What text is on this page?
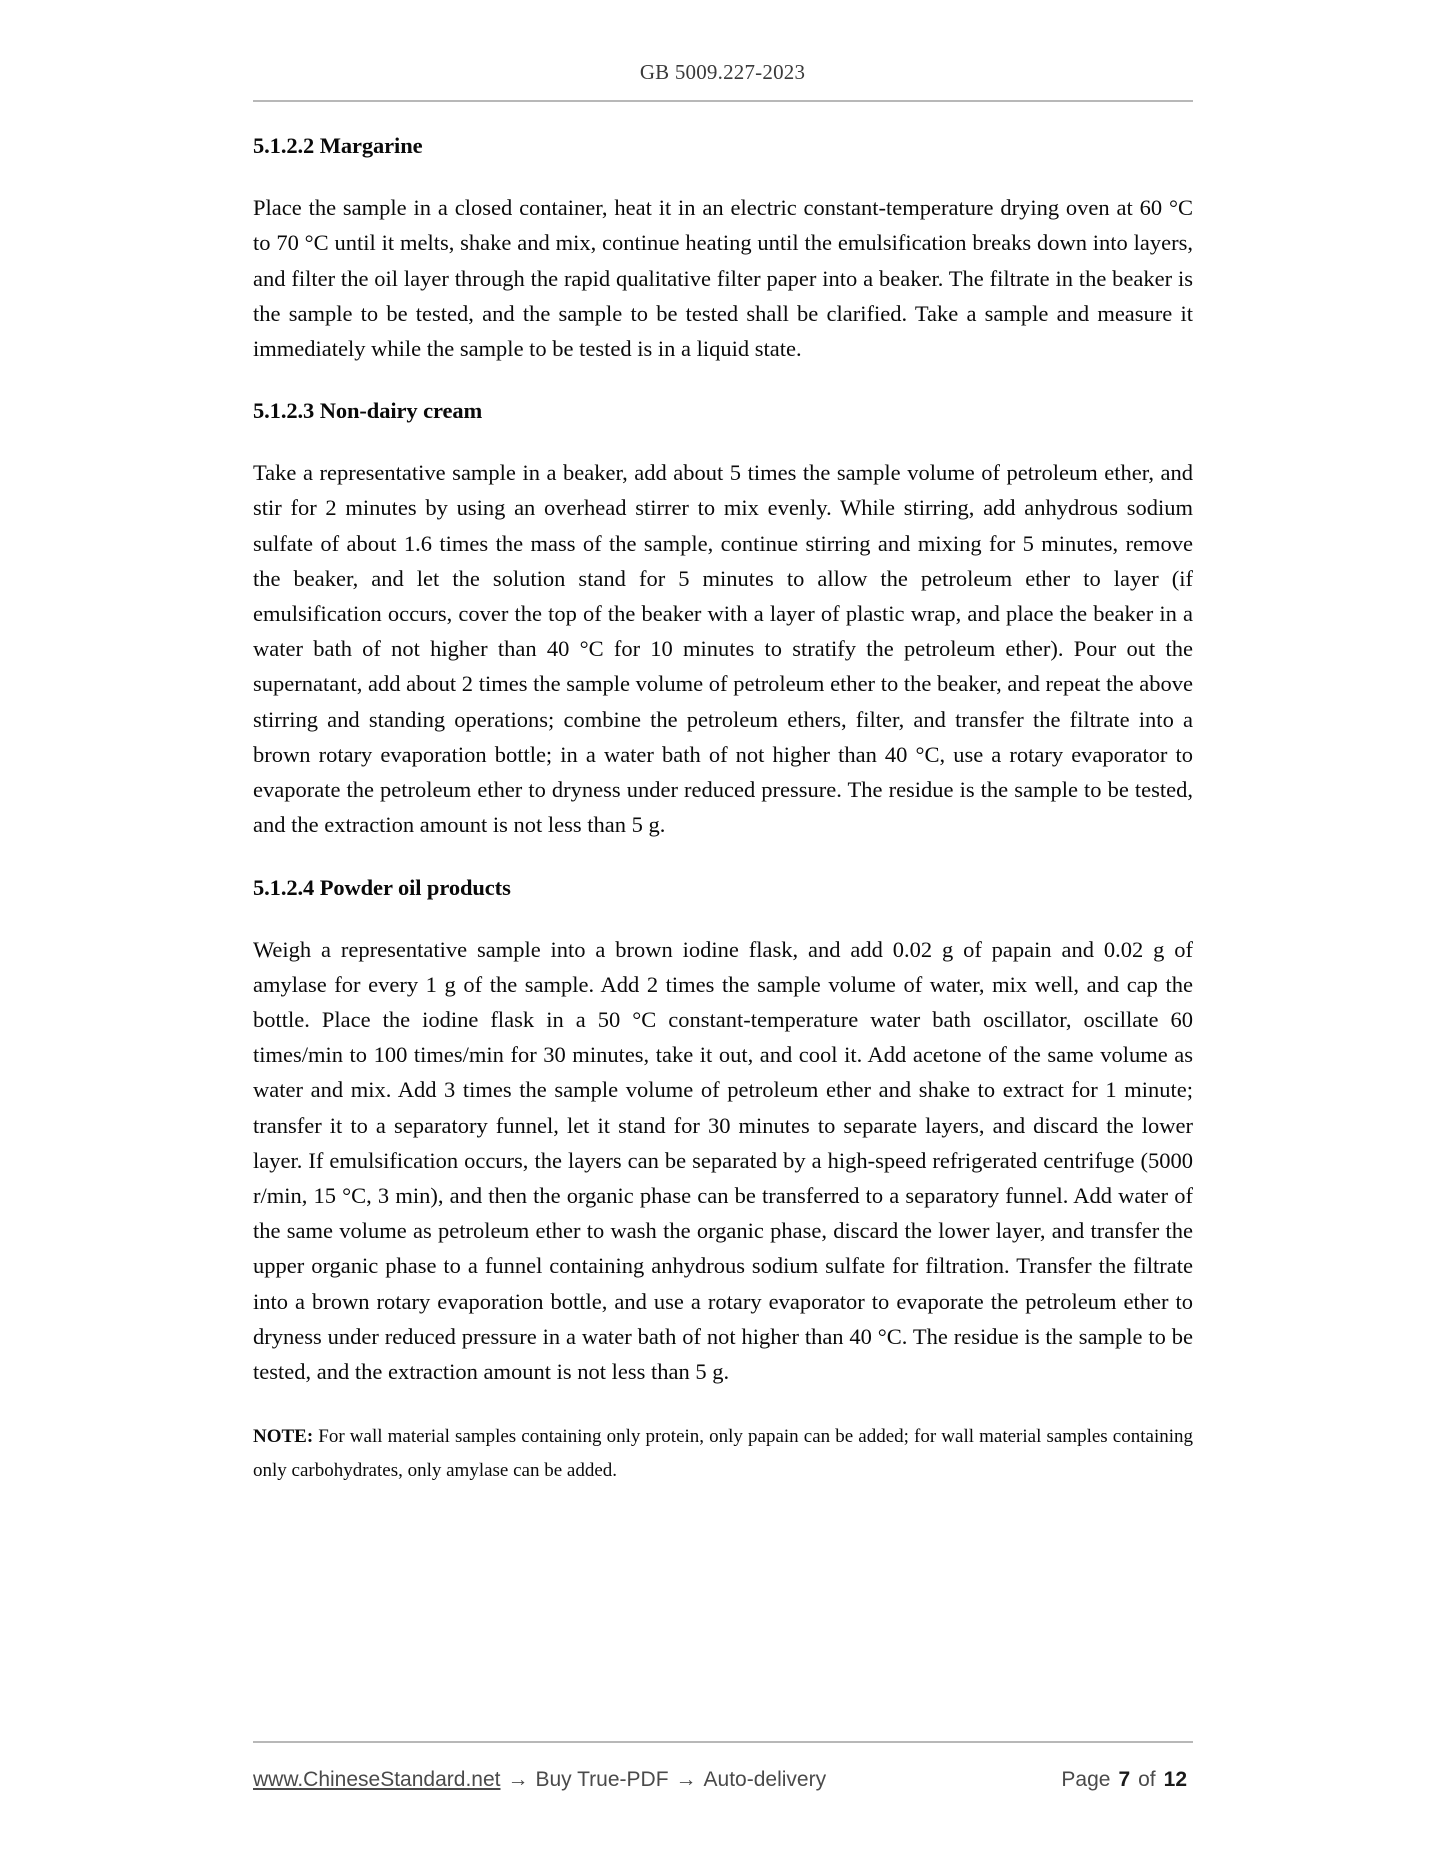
GB 5009.227-2023
5.1.2.2 Margarine

Place the sample in a closed container, heat it in an electric constant-temperature drying oven at 60 °C to 70 °C until it melts, shake and mix, continue heating until the emulsification breaks down into layers, and filter the oil layer through the rapid qualitative filter paper into a beaker. The filtrate in the beaker is the sample to be tested, and the sample to be tested shall be clarified. Take a sample and measure it immediately while the sample to be tested is in a liquid state.

5.1.2.3 Non-dairy cream

Take a representative sample in a beaker, add about 5 times the sample volume of petroleum ether, and stir for 2 minutes by using an overhead stirrer to mix evenly. While stirring, add anhydrous sodium sulfate of about 1.6 times the mass of the sample, continue stirring and mixing for 5 minutes, remove the beaker, and let the solution stand for 5 minutes to allow the petroleum ether to layer (if emulsification occurs, cover the top of the beaker with a layer of plastic wrap, and place the beaker in a water bath of not higher than 40 °C for 10 minutes to stratify the petroleum ether). Pour out the supernatant, add about 2 times the sample volume of petroleum ether to the beaker, and repeat the above stirring and standing operations; combine the petroleum ethers, filter, and transfer the filtrate into a brown rotary evaporation bottle; in a water bath of not higher than 40 °C, use a rotary evaporator to evaporate the petroleum ether to dryness under reduced pressure. The residue is the sample to be tested, and the extraction amount is not less than 5 g.

5.1.2.4 Powder oil products

Weigh a representative sample into a brown iodine flask, and add 0.02 g of papain and 0.02 g of amylase for every 1 g of the sample. Add 2 times the sample volume of water, mix well, and cap the bottle. Place the iodine flask in a 50 °C constant-temperature water bath oscillator, oscillate 60 times/min to 100 times/min for 30 minutes, take it out, and cool it. Add acetone of the same volume as water and mix. Add 3 times the sample volume of petroleum ether and shake to extract for 1 minute; transfer it to a separatory funnel, let it stand for 30 minutes to separate layers, and discard the lower layer. If emulsification occurs, the layers can be separated by a high-speed refrigerated centrifuge (5000 r/min, 15 °C, 3 min), and then the organic phase can be transferred to a separatory funnel. Add water of the same volume as petroleum ether to wash the organic phase, discard the lower layer, and transfer the upper organic phase to a funnel containing anhydrous sodium sulfate for filtration. Transfer the filtrate into a brown rotary evaporation bottle, and use a rotary evaporator to evaporate the petroleum ether to dryness under reduced pressure in a water bath of not higher than 40 °C. The residue is the sample to be tested, and the extraction amount is not less than 5 g.

NOTE: For wall material samples containing only protein, only papain can be added; for wall material samples containing only carbohydrates, only amylase can be added.

www.ChineseStandard.net → Buy True-PDF → Auto-delivery	Page 7 of 12
